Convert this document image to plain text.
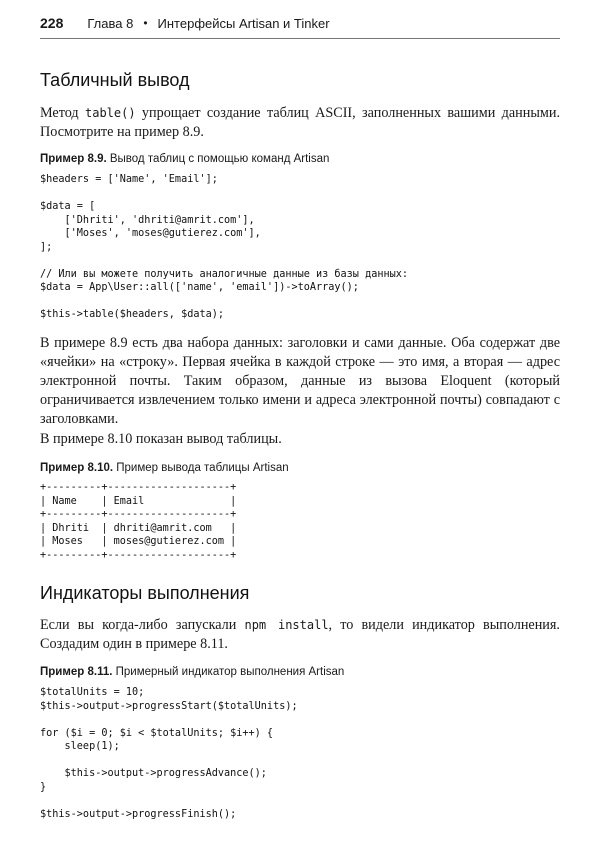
228 Глава 8 • Интерфейсы Artisan и Tinker
Табличный вывод

Метод table() упрощает создание таблиц ASCII, заполненных вашими данными. Посмотрите на пример 8.9.

Пример 8.9. Вывод таблиц с помощью команд Artisan

$headers = ['Name', 'Email'];

$data = [
['Dhriti', 'dhriti@amrit.com'],
['Moses', 'moses@gutierez.com'],
];

// Или вы можете получить аналогичные данные из базы данных:
$data = App\User::all(['name', 'email'])->toArray();

$this->table($headers, $data);

В примере 8.9 есть два набора данных: заголовки и сами данные. Оба содержат две «ячейки» на «строку». Первая ячейка в каждой строке — это имя, а вторая — адрес электронной почты. Таким образом, данные из вызова Eloquent (который ограничивается извлечением только имени и адреса электронной почты) совпадают с заголовками.

В примере 8.10 показан вывод таблицы.

Пример 8.10. Пример вывода таблицы Artisan

+---------+--------------------+
| Name    | Email              |
+---------+--------------------+
| Dhriti  | dhriti@amrit.com   |
| Moses   | moses@gutierez.com |
+---------+--------------------+
Индикаторы выполнения

Если вы когда-либо запускали npm install, то видели индикатор выполнения. Создадим один в примере 8.11.

Пример 8.11. Примерный индикатор выполнения Artisan

$totalUnits = 10;
$this->output->progressStart($totalUnits);

for ($i = 0; $i < $totalUnits; $i++) {
sleep(1);

$this->output->progressAdvance();
}

$this->output->progressFinish();
